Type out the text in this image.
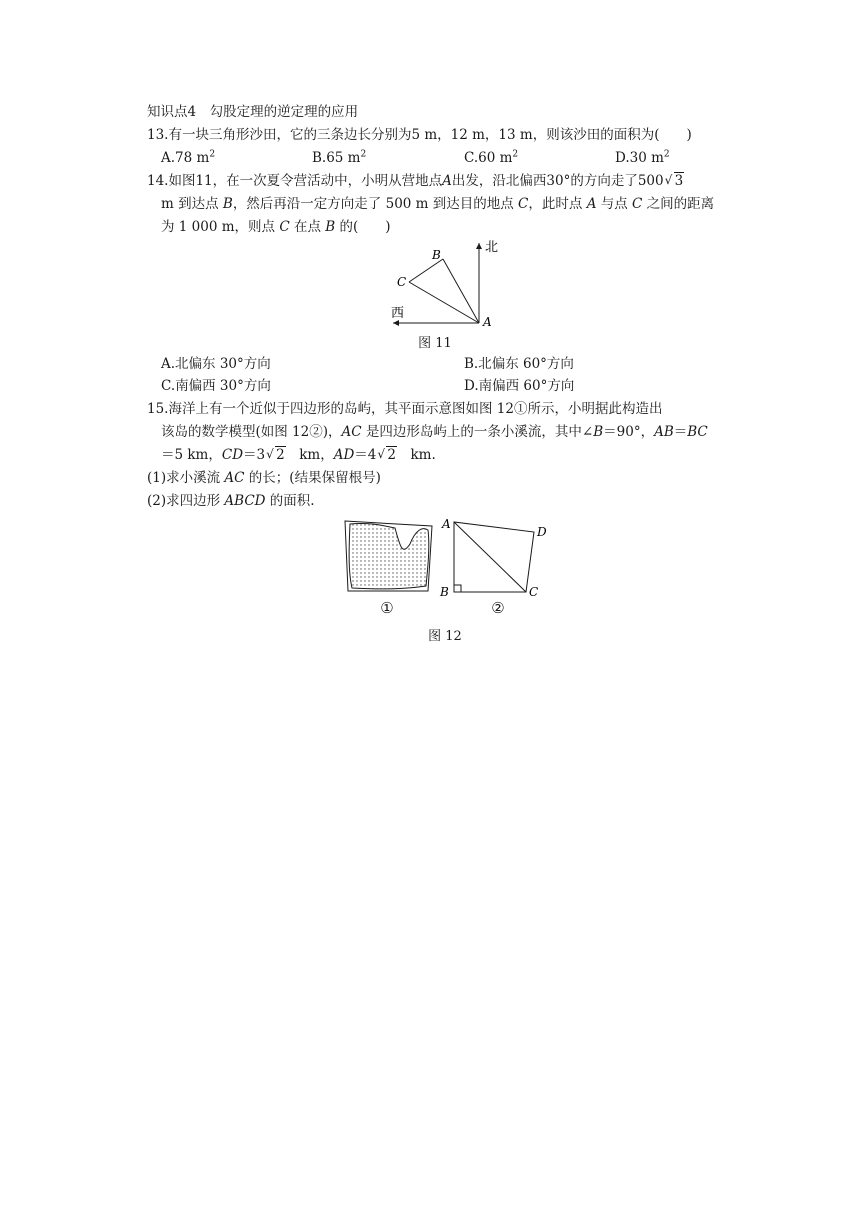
知识点4　勾股定理的逆定理的应用
13.有一块三角形沙田，它的三条边长分别为5 m，12 m，13 m，则该沙田的面积为(　　)
A.78 $m^2$	B.65 $m^2$	C.60 $m^2$	D.30 $m^2$
14.如图11，在一次夏令营活动中，小明从营地点A出发，沿北偏西30°的方向走了500 √ 3
m 到达点 B，然后再沿一定方向走了 500 m 到达目的地点 C，此时点 A 与点 C 之间的距离
为 1 000 m，则点 C 在点 B 的(　　)
北
西
A
B
C
图 11
A.北偏东 30°方向	B.北偏东 60°方向
C.南偏西 30°方向	D.南偏西 60°方向
15.海洋上有一个近似于四边形的岛屿，其平面示意图如图 12①所示，小明据此构造出
该岛的数学模型(如图 12②)，AC 是四边形岛屿上的一条小溪流，其中∠B＝90°，AB＝BC
＝5 km，CD＝3 √ 2　km，AD＝4 √ 2　km.
(1)求小溪流 AC 的长；(结果保留根号)
(2)求四边形 ABCD 的面积.
①
A
B	C
D
②
图 12
